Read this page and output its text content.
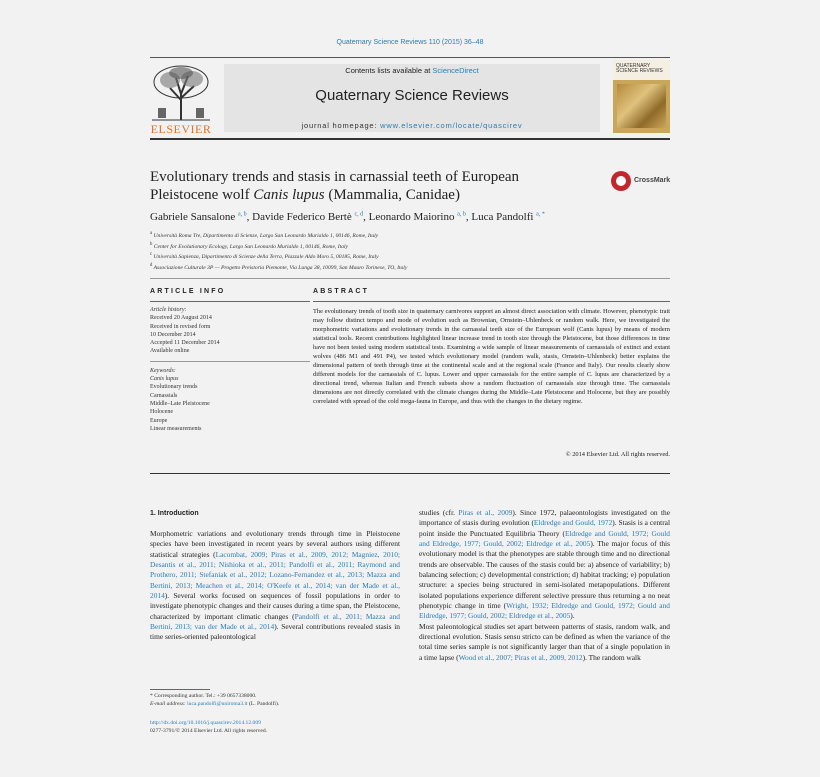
Quaternary Science Reviews 110 (2015) 36–48
ELSEVIER
Contents lists available at ScienceDirect
Quaternary Science Reviews
journal homepage: www.elsevier.com/locate/quascirev
QUATERNARY SCIENCE REVIEWS
Evolutionary trends and stasis in carnassial teeth of European
Pleistocene wolf Canis lupus (Mammalia, Canidae)
CrossMark
Gabriele Sansalone $^{a, b}$, Davide Federico Bertè $^{c, d}$, Leonardo Maiorino $^{a, b}$, Luca Pandolfi $^{a, *}$
$^a$ Università Roma Tre, Dipartimento di Scienze, Largo San Leonardo Murialdo 1, 00146, Rome, Italy
$^b$ Center for Evolutionary Ecology, Largo San Leonardo Murialdo 1, 00146, Rome, Italy
$^c$ Università Sapienza, Dipartimento di Scienze della Terra, Piazzale Aldo Moro 5, 00185, Rome, Italy
$^d$ Associazione Culturale 3P — Progetto Preistoria Piemonte, Via Lunga 38, 10099, San Mauro Torinese, TO, Italy
ARTICLE INFO	ABSTRACT
Article history:
Received 20 August 2014
Received in revised form
10 December 2014
Accepted 11 December 2014
Available online
Keywords:
Canis lupus
Evolutionary trends
Carnassials
Middle–Late Pleistocene
Holocene
Europe
Linear measurements
The evolutionary trends of tooth size in quaternary carnivores support an almost direct association with climate. However, phenotypic trait may follow distinct tempo and mode of evolution such as Brownian, Ornstein–Uhlenbeck or random walk. Here, we investigated the morphometric variations and evolutionary trends in the carnassial teeth size of the European wolf (Canis lupus) by means of modern statistical tools. Recent contributions highlighted linear increase trend in tooth size through the Pleistocene, but those differences in time have not been tested using modern statistical tests. Examining a wide sample of linear measurements of carnassials of extinct and extant wolves (486 M1 and 491 P4), we tested which evolutionary model (random walk, stasis, Ornstein–Uhlenbeck) better explains the dimensional pattern of teeth through time at the continental scale and at the regional scale (France and Italy). Our results clearly show different models for the carnassials of C. lupus. Lower and upper carnassials for the entire sample of C. lupus are characterized by a directional trend, whereas Italian and French subsets show a random fluctuation of carnassials size through time. The carnassials dimensions are not directly correlated with the climate changes during the Middle–Late Pleistocene and Holocene, but they are possibly correlated with spread of the cold mega-fauna in Europe, and thus with the changes in the dietary regime.
© 2014 Elsevier Ltd. All rights reserved.
1. Introduction
Morphometric variations and evolutionary trends through time in Pleistocene species have been investigated in recent years by several authors using different statistical strategies (Lacombat, 2009; Piras et al., 2009, 2012; Magniez, 2010; Desantis et al., 2011; Nishioka et al., 2011; Pandolfi et al., 2011; Raymond and Prothero, 2011; Stefaniak et al., 2012; Lozano-Fernandez et al., 2013; Mazza and Bertini, 2013; Meachen et al., 2014; O'Keefe et al., 2014; van der Made et al., 2014). Several works focused on sequences of fossil populations in order to investigate phenotypic changes and their causes during a time span, the Pleistocene, characterized by important climatic changes (Pandolfi et al., 2011; Mazza and Bertini, 2013; van der Made et al., 2014). Several contributions revealed stasis in time series-oriented paleontological
studies (cfr. Piras et al., 2009). Since 1972, palaeontologists investigated on the importance of stasis during evolution (Eldredge and Gould, 1972). Stasis is a central point inside the Punctuated Equilibria Theory (Eldredge and Gould, 1972; Gould and Eldredge, 1977; Gould, 2002; Eldredge et al., 2005). The major focus of this evolutionary model is that the phenotypes are stable through time and no directional trends are observable. The causes of the stasis could be: a) absence of variability; b) balancing selection; c) developmental constriction; d) habitat tracking; e) population structure: a species being structured in semi-isolated metapopulations. Different isolated populations experience different selective pressure thus returning a no neat phenotypic change in time (Wright, 1932; Eldredge and Gould, 1972; Gould and Eldredge, 1977; Gould, 2002; Eldredge et al., 2005).
Most paleontological studies set apart between patterns of stasis, random walk, and directional evolution. Stasis sensu stricto can be defined as when the variance of the total time series sample is not significantly larger than that of a single population in a time lapse (Wood et al., 2007; Piras et al., 2009, 2012). The random walk
* Corresponding author. Tel.: +39 0657338000.
E-mail address: luca.pandolfi@uniroma3.it (L. Pandolfi).
http://dx.doi.org/10.1016/j.quascirev.2014.12.009
0277-3791/© 2014 Elsevier Ltd. All rights reserved.
